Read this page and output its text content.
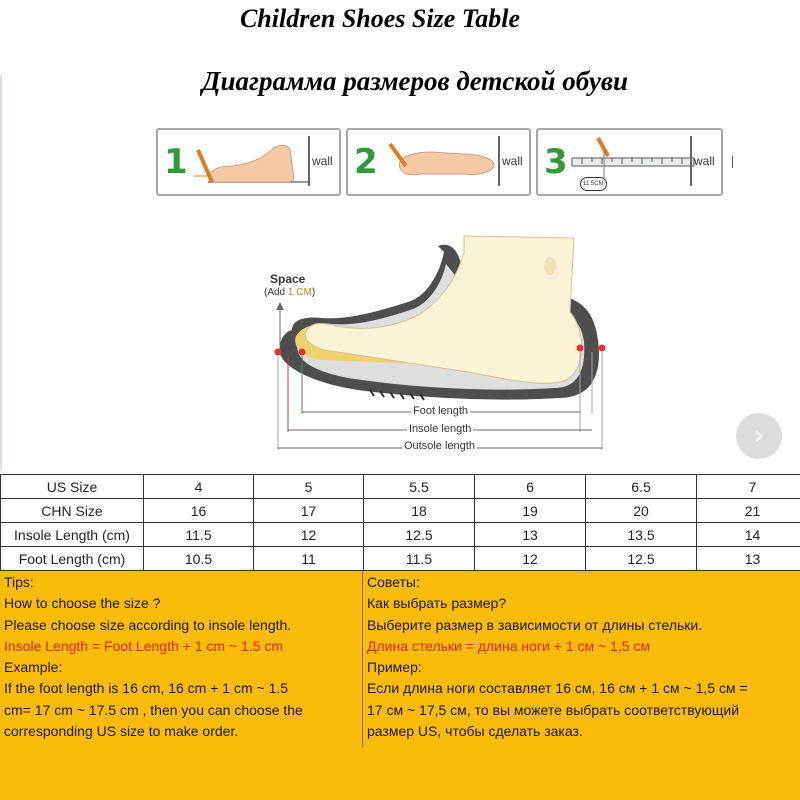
Children Shoes Size Table
Диаграмма размеров детской обуви
1	wall 2	wall 3
11.5CM
wall
Space
(Add 1 CM)
Foot length
Insole length
Outsole length	›
US Size	4	5	5.5	6	6.5	7
CHN Size	16	17	18	19	20	21
Insole Length (cm)	11.5	12	12.5	13	13.5	14
Foot Length (cm)	10.5	11	11.5	12	12.5	13
Tips:
How to choose the size ?
Please choose size according to insole length.
Insole Length = Foot Length + 1 cm ~ 1.5 cm
Example:
If the foot length is 16 cm, 16 cm + 1 cm ~ 1.5
cm= 17 cm ~ 17.5 cm , then you can choose the
corresponding US size to make order.
Советы:
Как выбрать размер?
Выберите размер в зависимости от длины стельки.
Длина стельки = длина ноги + 1 см ~ 1,5 см
Пример:
Если длина ноги составляет 16 см, 16 см + 1 см ~ 1,5 см =
17 см ~ 17,5 см, то вы можете выбрать соответствующий
размер US, чтобы сделать заказ.
